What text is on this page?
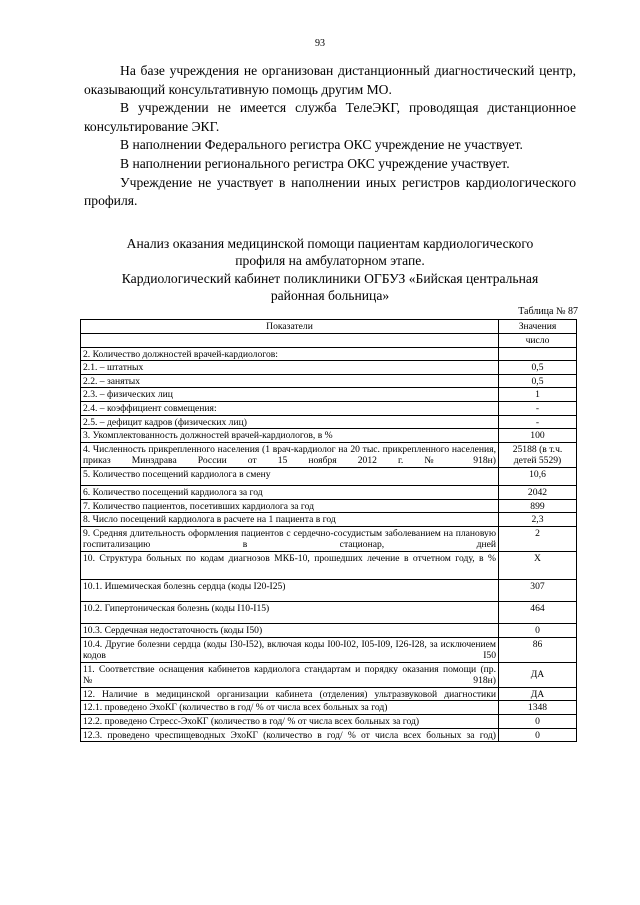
93

На базе учреждения не организован дистанционный диагностический центр, оказывающий консультативную помощь другим МО.

В учреждении не имеется служба ТелеЭКГ, проводящая дистанционное консультирование ЭКГ.

В наполнении Федерального регистра ОКС учреждение не участвует.

В наполнении регионального регистра ОКС учреждение участвует.

Учреждение не участвует в наполнении иных регистров кардиологического профиля.

Анализ оказания медицинской помощи пациентам кардиологического
профиля на амбулаторном этапе.
Кардиологический кабинет поликлиники ОГБУЗ «Бийская центральная
районная больница»
Таблица № 87
Показатели	Значения
	число
2. Количество должностей врачей-кардиологов:	
2.1. – штатных	0,5
2.2. – занятых	0,5
2.3. – физических лиц	1
2.4. – коэффициент совмещения:	-
2.5. – дефицит кадров (физических лиц)	-
3. Укомплектованность должностей врачей-кардиологов, в %	100
4. Численность прикрепленного населения (1 врач-кардиолог на 20 тыс. прикрепленного населения, приказ Минздрава России от 15 ноября 2012 г. № 918н)	25188 (в т.ч. детей 5529)
5. Количество посещений кардиолога в смену	10,6
6. Количество посещений кардиолога за год	2042
7. Количество пациентов, посетивших кардиолога за год	899
8. Число посещений кардиолога в расчете на 1 пациента в год	2,3
9. Средняя длительность оформления пациентов с сердечно-сосудистым заболеванием на плановую госпитализацию в стационар, дней	2
10. Структура больных по кодам диагнозов МКБ-10, прошедших лечение в отчетном году, в %	Х
10.1. Ишемическая болезнь сердца (коды I20-I25)	307
10.2. Гипертоническая болезнь (коды I10-I15)	464
10.3. Сердечная недостаточность (коды I50)	0
10.4. Другие болезни сердца (коды I30-I52), включая коды I00-I02, I05-I09, I26-I28, за исключением кодов I50	86
11. Соответствие оснащения кабинетов кардиолога стандартам и порядку оказания помощи (пр. №918н)	ДА
12. Наличие в медицинской организации кабинета (отделения) ультразвуковой диагностики	ДА
12.1. проведено ЭхоКГ (количество в год/ % от числа всех больных за год)	1348
12.2. проведено Стресс-ЭхоКГ (количество в год/ % от числа всех больных за год)	0
12.3. проведено чреспищеводных ЭхоКГ (количество в год/ % от числа всех больных за год)	0
